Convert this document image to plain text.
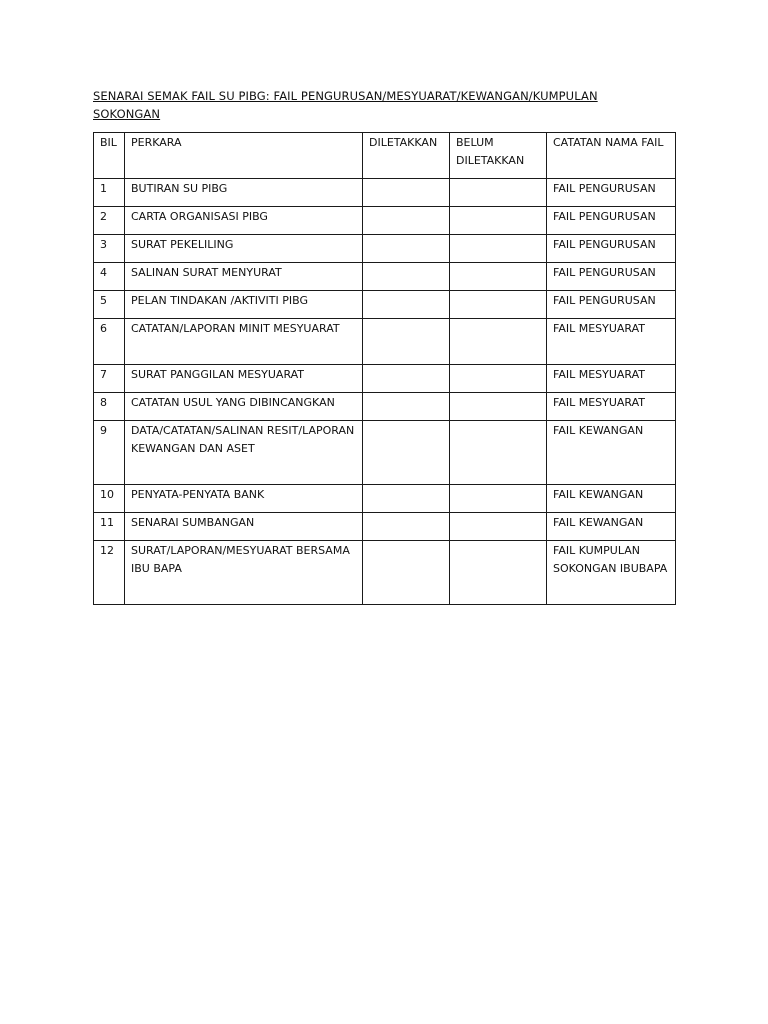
SENARAI SEMAK FAIL SU PIBG: FAIL PENGURUSAN/MESYUARAT/KEWANGAN/KUMPULAN
SOKONGAN
BIL	PERKARA	DILETAKKAN	BELUM DILETAKKAN	CATATAN NAMA FAIL
1	BUTIRAN SU PIBG			FAIL PENGURUSAN
2	CARTA ORGANISASI PIBG			FAIL PENGURUSAN
3	SURAT PEKELILING			FAIL PENGURUSAN
4	SALINAN SURAT MENYURAT			FAIL PENGURUSAN
5	PELAN TINDAKAN /AKTIVITI PIBG			FAIL PENGURUSAN
6	CATATAN/LAPORAN MINIT MESYUARAT			FAIL MESYUARAT
7	SURAT PANGGILAN MESYUARAT			FAIL MESYUARAT
8	CATATAN USUL YANG DIBINCANGKAN			FAIL MESYUARAT
9	DATA/CATATAN/SALINAN RESIT/LAPORAN KEWANGAN DAN ASET			FAIL KEWANGAN
10	PENYATA-PENYATA BANK			FAIL KEWANGAN
11	SENARAI SUMBANGAN			FAIL KEWANGAN
12	SURAT/LAPORAN/MESYUARAT BERSAMA IBU BAPA			FAIL KUMPULAN SOKONGAN IBUBAPA
